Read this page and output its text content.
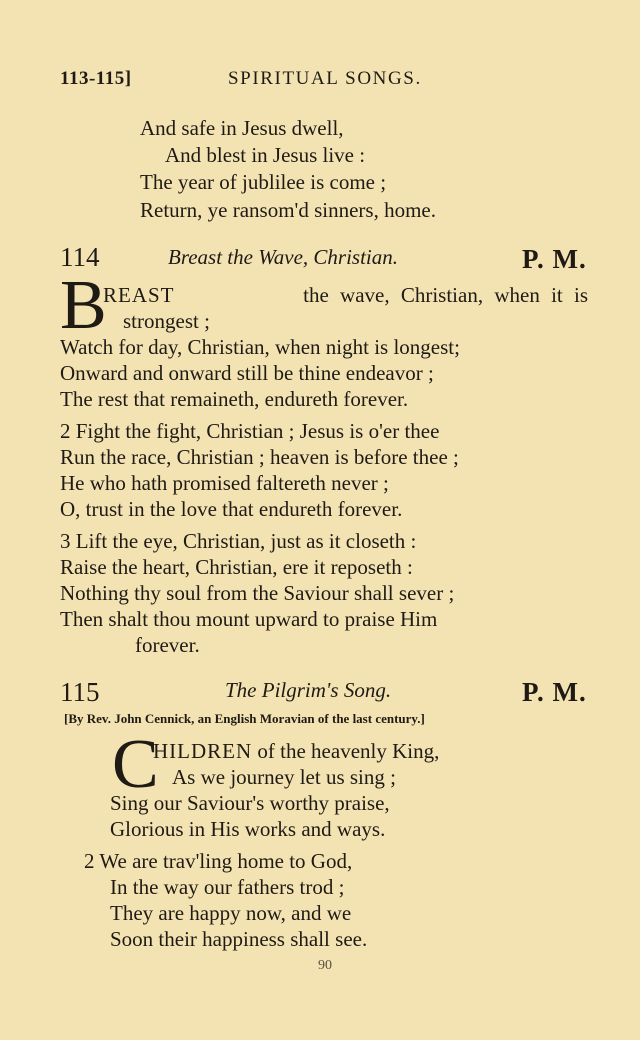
113-115]	SPIRITUAL SONGS.
And safe in Jesus dwell,
And blest in Jesus live :
The year of jublilee is come ;
Return, ye ransom'd sinners, home.
114	Breast the Wave, Christian.	P. M.
B
REAST	the wave, Christian, when it is
strongest ;
Watch for day, Christian, when night is longest;
Onward and onward still be thine endeavor ;
The rest that remaineth, endureth forever.
2 Fight the fight, Christian ; Jesus is o'er thee
Run the race, Christian ; heaven is before thee ;
He who hath promised faltereth never ;
O, trust in the love that endureth forever.
3 Lift the eye, Christian, just as it closeth :
Raise the heart, Christian, ere it reposeth :
Nothing thy soul from the Saviour shall sever ;
Then shalt thou mount upward to praise Him
forever.
115	The Pilgrim's Song.	P. M.
[By Rev. John Cennick, an English Moravian of the last century.]
C
HILDREN of the heavenly King,
As we journey let us sing ;
Sing our Saviour's worthy praise,
Glorious in His works and ways.
2 We are trav'ling home to God,
In the way our fathers trod ;
They are happy now, and we
Soon their happiness shall see.
90
